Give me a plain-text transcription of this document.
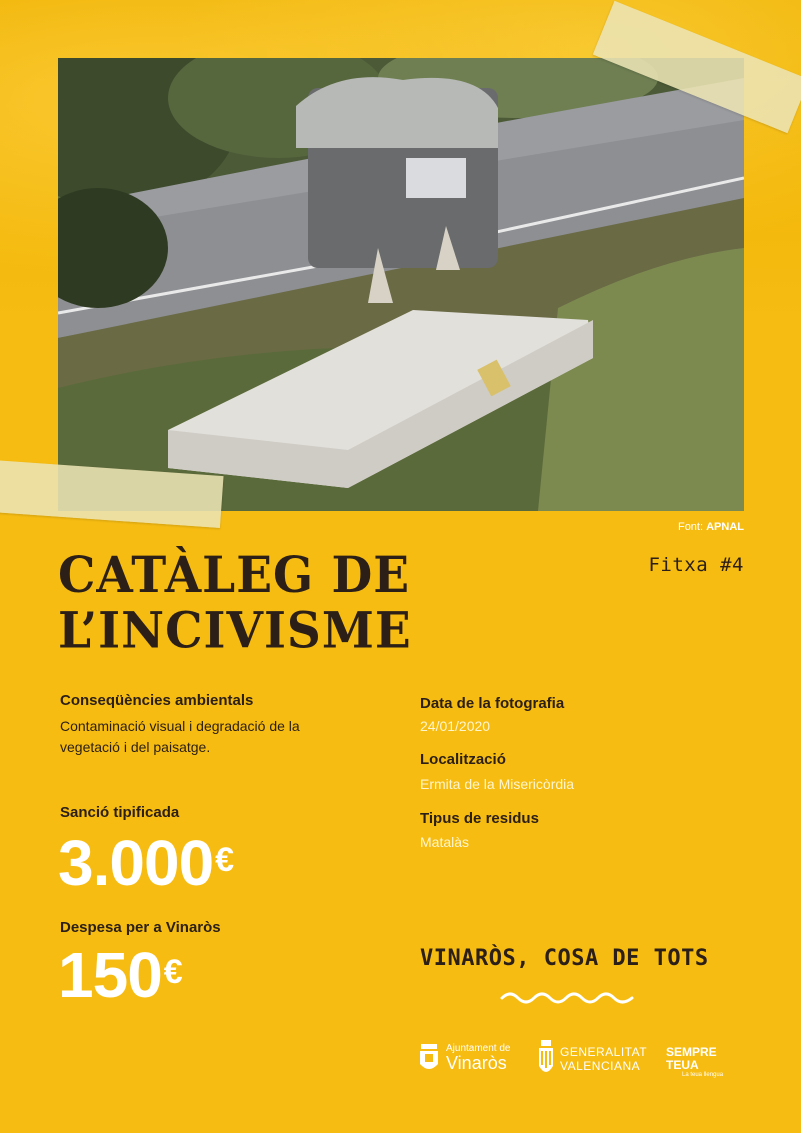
Font: APNAL
Fitxa #4
CATÀLEG DE
L’INCIVISME
Conseqüències ambientals
Contaminació visual i degradació de la
vegetació i del paisatge.
Sanció tipificada
3.000€
Despesa per a Vinaròs
150€
Data de la fotografia
24/01/2020
Localització
Ermita de la Misericòrdia
Tipus de residus
Matalàs
VINARÒS, COSA DE TOTS
Ajuntament de
Vinaròs
GENERALITAT
VALENCIANA
SEMPRE
TEUA
La teua llengua
